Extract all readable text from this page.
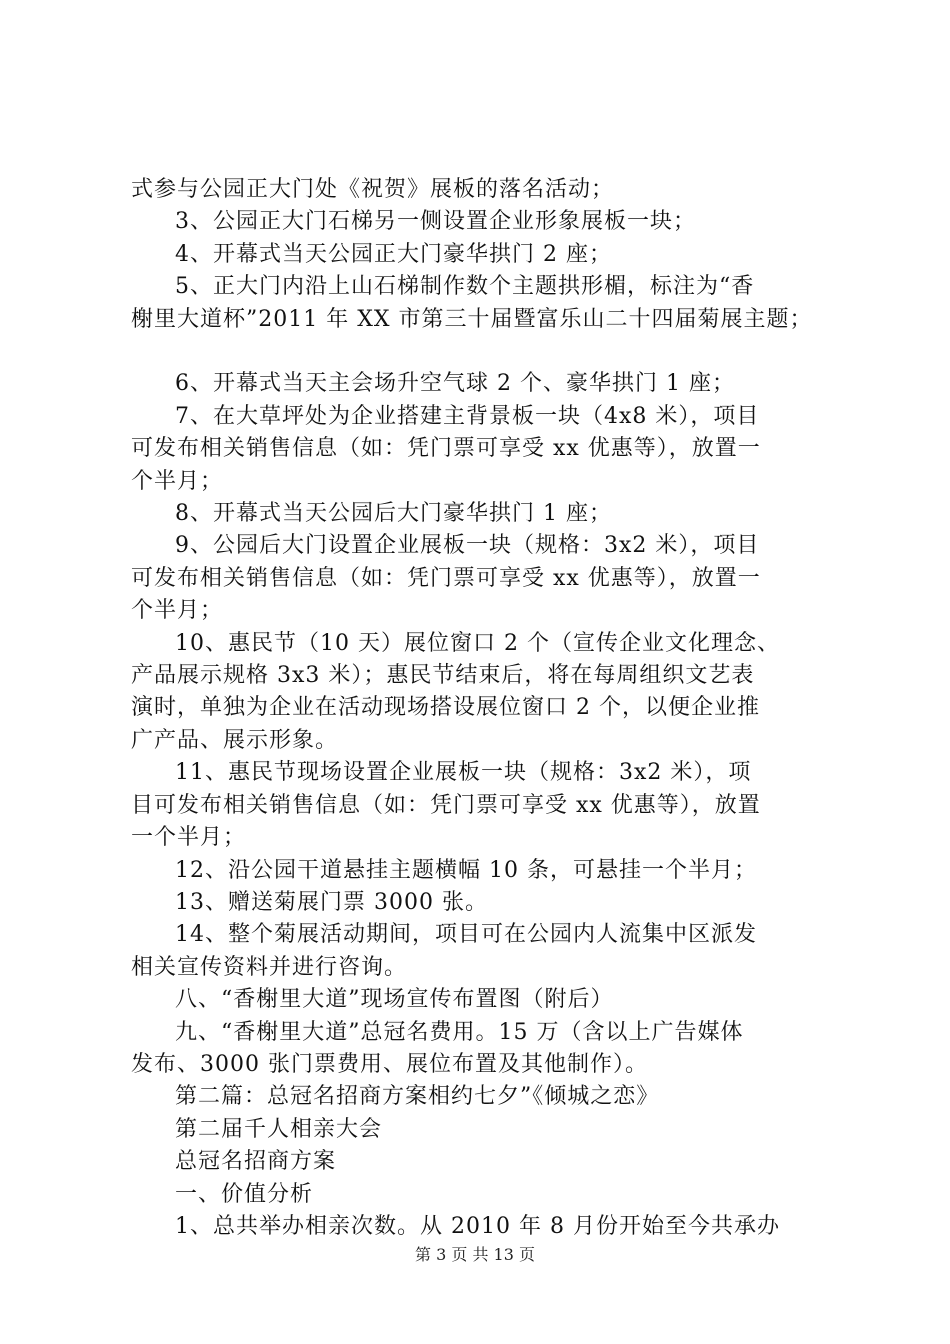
式参与公园正大门处《祝贺》展板的落名活动；

3、公园正大门石梯另一侧设置企业形象展板一块；

4、开幕式当天公园正大门豪华拱门 2 座；

5、正大门内沿上山石梯制作数个主题拱形楣，标注为“香

榭里大道杯”2011 年 XX 市第三十届暨富乐山二十四届菊展主题；

6、开幕式当天主会场升空气球 2 个、豪华拱门 1 座；

7、在大草坪处为企业搭建主背景板一块（4x8 米），项目

可发布相关销售信息（如：凭门票可享受 xx 优惠等），放置一

个半月；

8、开幕式当天公园后大门豪华拱门 1 座；

9、公园后大门设置企业展板一块（规格：3x2 米），项目

可发布相关销售信息（如：凭门票可享受 xx 优惠等），放置一

个半月；

10、惠民节（10 天）展位窗口 2 个（宣传企业文化理念、

产品展示规格 3x3 米）；惠民节结束后，将在每周组织文艺表

演时，单独为企业在活动现场搭设展位窗口 2 个，以便企业推

广产品、展示形象。

11、惠民节现场设置企业展板一块（规格：3x2 米），项

目可发布相关销售信息（如：凭门票可享受 xx 优惠等），放置

一个半月；

12、沿公园干道悬挂主题横幅 10 条，可悬挂一个半月；

13、赠送菊展门票 3000 张。

14、整个菊展活动期间，项目可在公园内人流集中区派发

相关宣传资料并进行咨询。

八、“香榭里大道”现场宣传布置图（附后）

九、“香榭里大道”总冠名费用。15 万（含以上广告媒体

发布、3000 张门票费用、展位布置及其他制作）。

第二篇：总冠名招商方案相约七夕”《倾城之恋》

第二届千人相亲大会

总冠名招商方案

一、价值分析

1、总共举办相亲次数。从 2010 年 8 月份开始至今共承办

第 3 页 共 13 页
